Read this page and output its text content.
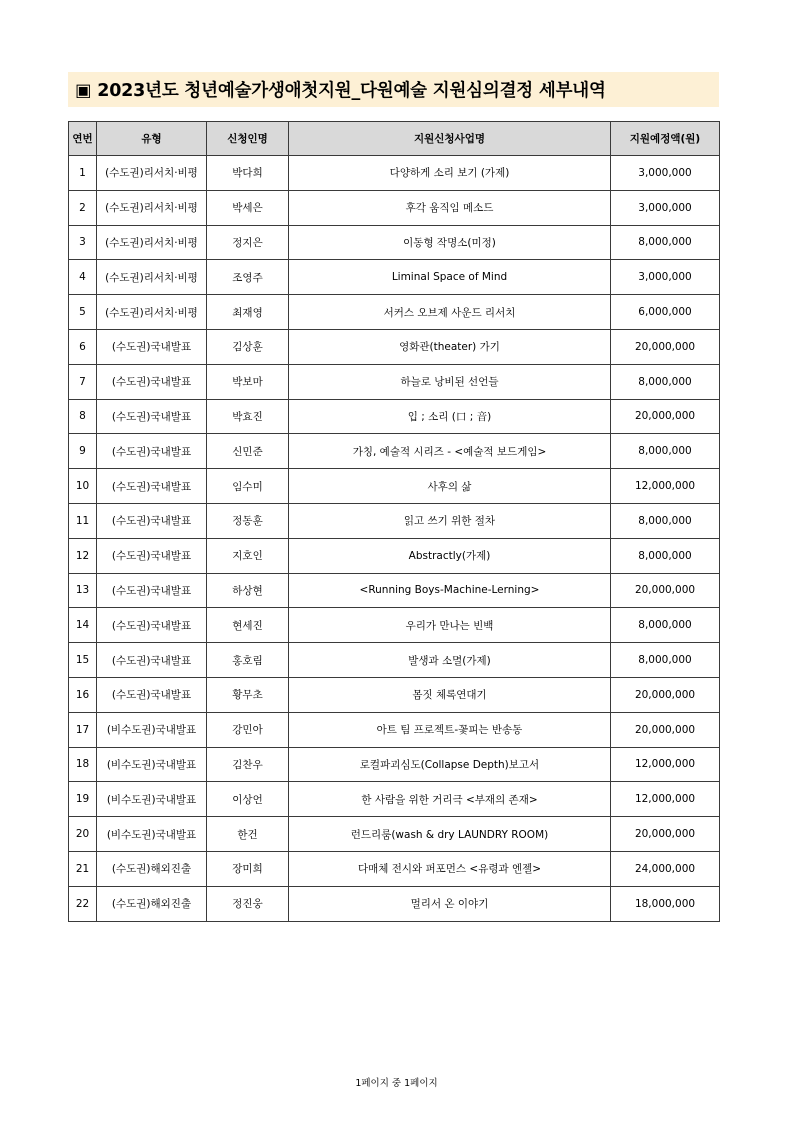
▣ 2023년도 청년예술가생애첫지원_다원예술 지원심의결정 세부내역
연번	유형	신청인명	지원신청사업명	지원예정액(원)
1	(수도권)리서치·비평	박다희	다양하게 소리 보기 (가제)	3,000,000
2	(수도권)리서치·비평	박세은	후각 움직임 메소드	3,000,000
3	(수도권)리서치·비평	정지은	이동형 작명소(미정)	8,000,000
4	(수도권)리서치·비평	조영주	Liminal Space of Mind	3,000,000
5	(수도권)리서치·비평	최재영	서커스 오브제 사운드 리서치	6,000,000
6	(수도권)국내발표	김상훈	영화관(theater) 가기	20,000,000
7	(수도권)국내발표	박보마	하늘로 낭비된 선언들	8,000,000
8	(수도권)국내발표	박효진	입 ; 소리 (口 ; 音)	20,000,000
9	(수도권)국내발표	신민준	가칭, 예술적 시리즈 - <예술적 보드게임>	8,000,000
10	(수도권)국내발표	임수미	사후의 삶	12,000,000
11	(수도권)국내발표	정동훈	읽고 쓰기 위한 절차	8,000,000
12	(수도권)국내발표	지호인	Abstractly(가제)	8,000,000
13	(수도권)국내발표	하상현	<Running Boys-Machine-Lerning>	20,000,000
14	(수도권)국내발표	현세진	우리가 만나는 빈백	8,000,000
15	(수도권)국내발표	홍호림	발생과 소멸(가제)	8,000,000
16	(수도권)국내발표	황무초	몸짓 체록연대기	20,000,000
17	(비수도권)국내발표	강민아	아트 팀 프로젝트-꽃피는 반송동	20,000,000
18	(비수도권)국내발표	김찬우	로컬파괴심도(Collapse Depth)보고서	12,000,000
19	(비수도권)국내발표	이상언	한 사람을 위한 거리극 <부재의 존재>	12,000,000
20	(비수도권)국내발표	한건	런드리룸(wash & dry LAUNDRY ROOM)	20,000,000
21	(수도권)해외진출	장미희	다매체 전시와 퍼포먼스 <유령과 엔젤>	24,000,000
22	(수도권)해외진출	정진웅	멀리서 온 이야기	18,000,000
1페이지 중 1페이지
